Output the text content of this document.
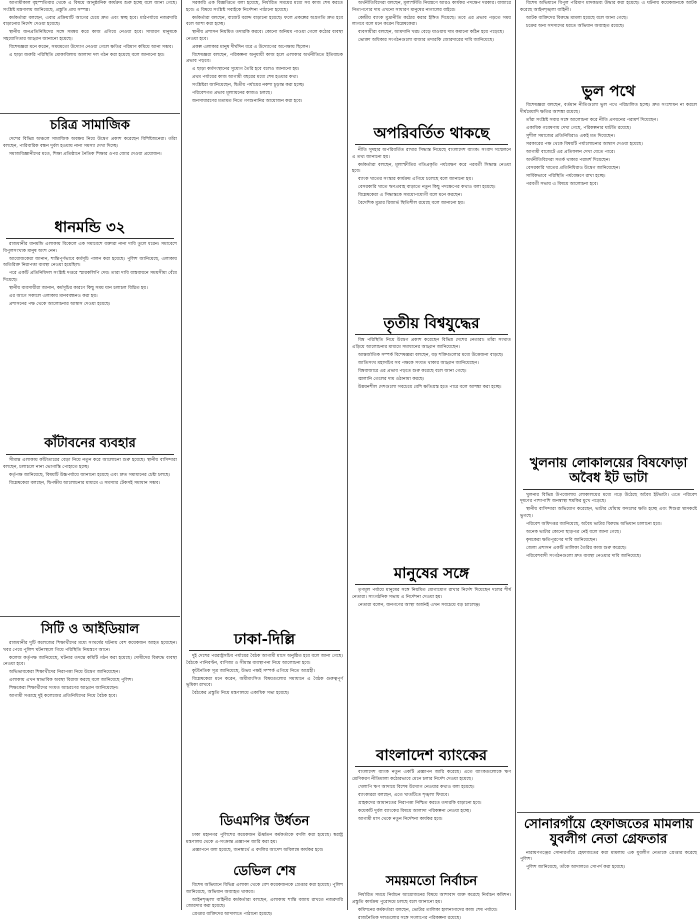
আগামীকাল বৃহস্পতিবার থেকে এ বিষয়ে আনুষ্ঠানিক কার্যক্রম শুরু হচ্ছে বলে জানা গেছে। সংশ্লিষ্ট মন্ত্রণালয় জানিয়েছে, প্রস্তুতি প্রায় সম্পন্ন।

কর্মকর্তারা বলছেন, এবার প্রক্রিয়াটি আগের চেয়ে দ্রুত এবং স্বচ্ছ হবে। মাঠপর্যায়ে নজরদারি বাড়ানোর নির্দেশ দেওয়া হয়েছে।

স্থানীয় জনপ্রতিনিধিদের সঙ্গে সমন্বয় করে কাজ এগিয়ে নেওয়া হবে। সাধারণ মানুষকে সহযোগিতার আহ্বান জানানো হয়েছে।

বিশেষজ্ঞরা মনে করেন, সময়মতো উদ্যোগ নেওয়া গেলে ক্ষতির পরিমাণ কমিয়ে আনা সম্ভব।

এ ছাড়া জরুরি পরিস্থিতি মোকাবিলায় আলাদা দল গঠন করা হয়েছে বলে জানানো হয়।

চরিত্র সামাজিক

দেশের বিভিন্ন অঞ্চলে সামাজিক অবক্ষয় নিয়ে উদ্বেগ প্রকাশ করেছেন বিশিষ্টজনেরা। তাঁরা বলছেন, পারিবারিক বন্ধন দুর্বল হওয়ায় নানা সমস্যা দেখা দিচ্ছে।

সমাজবিজ্ঞানীদের মতে, শিক্ষা প্রতিষ্ঠানে নৈতিক শিক্ষার ওপর জোর দেওয়া প্রয়োজন।

ধানমন্ডি ৩২

রাজধানীর ধানমন্ডি এলাকায় বিকেলে এক সমাবেশে বক্তারা নানা দাবি তুলে ধরেন। সমাবেশে বিপুলসংখ্যক মানুষ অংশ নেন।

আয়োজকেরা জানান, শান্তিপূর্ণভাবে কর্মসূচি পালন করা হয়েছে। পুলিশ জানিয়েছে, এলাকায় অতিরিক্ত নিরাপত্তা ব্যবস্থা নেওয়া হয়েছিল।

পরে একটি প্রতিনিধিদল সংশ্লিষ্ট দপ্তরে স্মারকলিপি দেয়। তারা দাবি বাস্তবায়নে সময়সীমা বেঁধে দিয়েছে।

স্থানীয় ব্যবসায়ীরা জানান, কর্মসূচির কারণে কিছু সময় যান চলাচল বিঘ্নিত হয়।

এর আগে সকালে এলাকায় মানববন্ধনও করা হয়।

প্রশাসনের পক্ষ থেকে আলোচনার আশ্বাস দেওয়া হয়েছে।

কাঁটাবনের ব্যবহার

সীমান্ত এলাকায় কাঁটাতারের বেড়া নিয়ে নতুন করে আলোচনা শুরু হয়েছে। স্থানীয় বাসিন্দারা বলছেন, চলাচলে নানা ভোগান্তি পোহাতে হচ্ছে।

কর্তৃপক্ষ জানিয়েছে, বিষয়টি উচ্চপর্যায়ে জানানো হয়েছে এবং দ্রুত সমাধানের চেষ্টা চলছে।

বিশ্লেষকেরা বলছেন, দ্বিপক্ষীয় আলোচনার মাধ্যমে এ সমস্যার টেকসই সমাধান সম্ভব।

সিটি ও আইডিয়াল

রাজধানীর দুটি কলেজের শিক্ষার্থীদের মধ্যে সংঘর্ষের ঘটনায় বেশ কয়েকজন আহত হয়েছেন। খবর পেয়ে পুলিশ ঘটনাস্থলে গিয়ে পরিস্থিতি নিয়ন্ত্রণে আনে।

কলেজ কর্তৃপক্ষ জানিয়েছে, ঘটনার তদন্তে কমিটি গঠন করা হয়েছে। দোষীদের বিরুদ্ধে ব্যবস্থা নেওয়া হবে।

অভিভাবকেরা শিক্ষার্থীদের নিরাপত্তা নিয়ে উদ্বেগ জানিয়েছেন।

এলাকায় এখন স্বাভাবিক অবস্থা বিরাজ করছে বলে জানিয়েছে পুলিশ।

শিক্ষকেরা শিক্ষার্থীদের সংযত আচরণের আহ্বান জানিয়েছেন।

আগামী সপ্তাহে দুই কলেজের প্রতিনিধিদের নিয়ে বৈঠক হবে।

সরকারি এক বিজ্ঞপ্তিতে বলা হয়েছে, নির্ধারিত সময়ের মধ্যে সব কাজ শেষ করতে হবে। এ বিষয়ে সংশ্লিষ্ট সবাইকে নির্দেশনা পাঠানো হয়েছে।

কর্মকর্তারা বলছেন, বাজেট বরাদ্দ বাড়ানো হয়েছে। ফলে প্রকল্পের অগ্রগতি দ্রুত হবে বলে আশা করা হচ্ছে।

স্থানীয় প্রশাসন নিয়মিত তদারকি করবে। কোনো অনিয়ম পাওয়া গেলে কঠোর ব্যবস্থা নেওয়া হবে।

প্রকল্প এলাকার মানুষ দীর্ঘদিন ধরে এ উদ্যোগের অপেক্ষায় ছিলেন।

বিশেষজ্ঞরা বলছেন, পরিকল্পনা অনুযায়ী কাজ হলে এলাকার অর্থনীতিতে ইতিবাচক প্রভাব পড়বে।

এ ছাড়া কর্মসংস্থানের সুযোগ তৈরি হবে বলেও জানানো হয়।

প্রথম পর্যায়ের কাজ আগামী বছরের মধ্যে শেষ হওয়ার কথা।

সংশ্লিষ্টরা জানিয়েছেন, দ্বিতীয় পর্যায়ের নকশা চূড়ান্ত করা হচ্ছে।

পরিবেশগত প্রভাব মূল্যায়নের কাজও চলছে।

জনসাধারণের মতামত নিতে গণশুনানির আয়োজন করা হবে।

ঢাকা-দিল্লি

দুই দেশের পররাষ্ট্রসচিব পর্যায়ের বৈঠক আগামী মাসে অনুষ্ঠিত হবে বলে জানা গেছে। বৈঠকে পানিবণ্টন, বাণিজ্য ও সীমান্ত ব্যবস্থাপনা নিয়ে আলোচনা হবে।

কূটনৈতিক সূত্র জানিয়েছে, উভয় পক্ষই সম্পর্ক এগিয়ে নিতে আগ্রহী।

বিশ্লেষকেরা মনে করেন, অমীমাংসিত বিষয়গুলোর সমাধানে এ বৈঠক গুরুত্বপূর্ণ ভূমিকা রাখবে।

বৈঠকের প্রস্তুতি নিয়ে মন্ত্রণালয়ে একাধিক সভা হয়েছে।

ডিএমপির উর্ধতন

ঢাকা মহানগর পুলিশের কয়েকজন ঊর্ধ্বতন কর্মকর্তাকে বদলি করা হয়েছে। স্বরাষ্ট্র মন্ত্রণালয় থেকে এ-সংক্রান্ত প্রজ্ঞাপন জারি করা হয়।

প্রজ্ঞাপনে বলা হয়েছে, জনস্বার্থে এ বদলির আদেশ অবিলম্বে কার্যকর হবে।

ডেভিল শেষ

বিশেষ অভিযানে বিভিন্ন এলাকা থেকে বেশ কয়েকজনকে গ্রেপ্তার করা হয়েছে। পুলিশ জানিয়েছে, অভিযান অব্যাহত থাকবে।

আইনশৃঙ্খলা বাহিনীর কর্মকর্তারা বলছেন, এলাকায় শান্তি বজায় রাখতে নজরদারি জোরদার করা হয়েছে।

গ্রেপ্তার ব্যক্তিদের আদালতে পাঠানো হয়েছে।

অর্থনীতিবিদেরা বলছেন, মূল্যস্ফীতি নিয়ন্ত্রণে আরও কার্যকর পদক্ষেপ দরকার। বাজারে নিত্যপণ্যের দাম এখনো সাধারণ মানুষের নাগালের বাইরে।

কেন্দ্রীয় ব্যাংক মুদ্রানীতি কঠোর করার ইঙ্গিত দিয়েছে। তবে এর প্রভাব পড়তে সময় লাগবে বলে মনে করেন বিশ্লেষকেরা।

ব্যবসায়ীরা বলছেন, আমদানি খরচ বেড়ে যাওয়ায় দাম কমানো কঠিন হয়ে পড়েছে।

ভোক্তা অধিকার সংগঠনগুলো বাজার তদারকি জোরদারের দাবি জানিয়েছে।

অপরিবর্তিত থাকছে

নীতি সুদহার অপরিবর্তিত রাখার সিদ্ধান্ত নিয়েছে বাংলাদেশ ব্যাংক। সংবাদ সম্মেলনে এ তথ্য জানানো হয়।

কর্মকর্তারা বলছেন, মূল্যস্ফীতির গতিপ্রকৃতি পর্যবেক্ষণ করে পরবর্তী সিদ্ধান্ত নেওয়া হবে।

ব্যাংক খাতের সংস্কার কার্যক্রম এগিয়ে চলেছে বলে জানানো হয়।

বেসরকারি খাতে ঋণপ্রবাহ বাড়াতে নতুন কিছু পদক্ষেপের কথাও বলা হয়েছে।

বিশ্লেষকেরা এ সিদ্ধান্তকে সময়োপযোগী বলে মনে করছেন।

বৈদেশিক মুদ্রার রিজার্ভ স্থিতিশীল রয়েছে বলে জানানো হয়।

তৃতীয় বিশ্বযুদ্ধের

বিশ্ব পরিস্থিতি নিয়ে উদ্বেগ প্রকাশ করেছেন বিভিন্ন দেশের নেতারা। তাঁরা সংঘাত এড়িয়ে আলোচনার মাধ্যমে সমাধানের আহ্বান জানিয়েছেন।

আন্তর্জাতিক সম্পর্ক বিশেষজ্ঞরা বলছেন, বড় শক্তিগুলোর মধ্যে উত্তেজনা বাড়ছে।

জাতিসংঘ মহাসচিব সব পক্ষকে সংযত থাকার আহ্বান জানিয়েছেন।

বিশ্ববাজারে এর প্রভাব পড়তে শুরু করেছে বলে জানা গেছে।

জ্বালানি তেলের দাম ওঠানামা করছে।

উন্নয়নশীল দেশগুলো সবচেয়ে বেশি ক্ষতিগ্রস্ত হতে পারে বলে আশঙ্কা করা হচ্ছে।

মানুষের সঙ্গে

তৃণমূল পর্যায়ে মানুষের সঙ্গে নিয়মিত যোগাযোগ রাখার নির্দেশ দিয়েছেন দলের শীর্ষ নেতারা। সাংগঠনিক সভায় এ নির্দেশনা দেওয়া হয়।

নেতারা বলেন, জনগণের আস্থা অর্জনই এখন সবচেয়ে বড় চ্যালেঞ্জ।

বাংলাদেশ ব্যাংকের

বাংলাদেশ ব্যাংক নতুন একটি প্রজ্ঞাপন জারি করেছে। এতে ব্যাংকগুলোকে ঋণ শ্রেণিকরণ নীতিমালা কঠোরভাবে মেনে চলার নির্দেশ দেওয়া হয়েছে।

খেলাপি ঋণ আদায়ে বিশেষ উদ্যোগ নেওয়ার কথাও বলা হয়েছে।

ব্যাংকাররা বলছেন, এতে খাতটিতে শৃঙ্খলা ফিরবে।

গ্রাহকদের আমানতের নিরাপত্তা নিশ্চিত করতে তদারকি বাড়ানো হবে।

কয়েকটি দুর্বল ব্যাংকের বিষয়ে আলাদা পরিকল্পনা নেওয়া হচ্ছে।

আগামী মাস থেকে নতুন নির্দেশনা কার্যকর হবে।

সময়মতো নির্বাচন

নির্ধারিত সময়ে নির্বাচন আয়োজনের বিষয়ে আশাবাদ ব্যক্ত করেছে নির্বাচন কমিশন। প্রস্তুতি কার্যক্রম পুরোদমে চলছে বলে জানানো হয়।

কমিশনের কর্মকর্তারা বলছেন, ভোটার তালিকা হালনাগাদের কাজ শেষ পর্যায়ে।

রাজনৈতিক দলগুলোর সঙ্গে সংলাপের পরিকল্পনা রয়েছে।

বিশেষ অভিযানে বিপুল পরিমাণ মাদকদ্রব্য উদ্ধার করা হয়েছে। এ ঘটনায় কয়েকজনকে আটক করেছে আইনশৃঙ্খলা বাহিনী।

আটক ব্যক্তিদের বিরুদ্ধে মামলা হয়েছে বলে জানা গেছে।

চক্রের অন্য সদস্যদের ধরতে অভিযান অব্যাহত রয়েছে।

ভুল পথে

বিশেষজ্ঞরা বলছেন, বর্তমান নীতিগুলো ভুল পথে পরিচালিত হচ্ছে। দ্রুত সংশোধন না করলে দীর্ঘমেয়াদি ক্ষতির আশঙ্কা রয়েছে।

তাঁরা সংশ্লিষ্ট সবার সঙ্গে আলোচনা করে নীতি প্রণয়নের পরামর্শ দিয়েছেন।

একাধিক গবেষণায় দেখা গেছে, পরিকল্পনার ঘাটতি রয়েছে।

সুশীল সমাজের প্রতিনিধিরাও একই মত দিয়েছেন।

সরকারের পক্ষ থেকে বিষয়টি পর্যালোচনার আশ্বাস দেওয়া হয়েছে।

আগামী বাজেটে এর প্রতিফলন দেখা যেতে পারে।

অর্থনীতিবিদেরা সতর্ক থাকার পরামর্শ দিয়েছেন।

বেসরকারি খাতের প্রতিনিধিরাও উদ্বেগ জানিয়েছেন।

সার্বিকভাবে পরিস্থিতি পর্যবেক্ষণে রাখা হচ্ছে।

পরবর্তী সভায় এ বিষয়ে আলোচনা হবে।

খুলনায় লোকালয়ের বিষফোড়া অবৈধ ইট ভাটা

খুলনার বিভিন্ন উপজেলায় লোকালয়ের মধ্যে গড়ে উঠেছে অবৈধ ইটভাটা। এতে পরিবেশ দূষণের পাশাপাশি জনস্বাস্থ্য হুমকির মুখে পড়েছে।

স্থানীয় বাসিন্দারা অভিযোগ করেছেন, ভাটার ধোঁয়ায় ফসলের ক্ষতি হচ্ছে এবং শিশুরা শ্বাসকষ্টে ভুগছে।

পরিবেশ অধিদপ্তর জানিয়েছে, অবৈধ ভাটার বিরুদ্ধে অভিযান চালানো হবে।

অনেক ভাটার কোনো ছাড়পত্র নেই বলে জানা গেছে।

কৃষকেরা ক্ষতিপূরণের দাবি জানিয়েছেন।

জেলা প্রশাসন একটি তালিকা তৈরির কাজ শুরু করেছে।

পরিবেশবাদী সংগঠনগুলো দ্রুত ব্যবস্থা নেওয়ার দাবি জানিয়েছে।

সোনারগাঁয়ে হেফাজতের মামলায় যুবলীগ নেতা গ্রেফতার

নারায়ণগঞ্জের সোনারগাঁয়ে হেফাজতের করা মামলায় এক যুবলীগ নেতাকে গ্রেপ্তার করেছে পুলিশ।

পুলিশ জানিয়েছে, তাঁকে আদালতে সোপর্দ করা হয়েছে।
